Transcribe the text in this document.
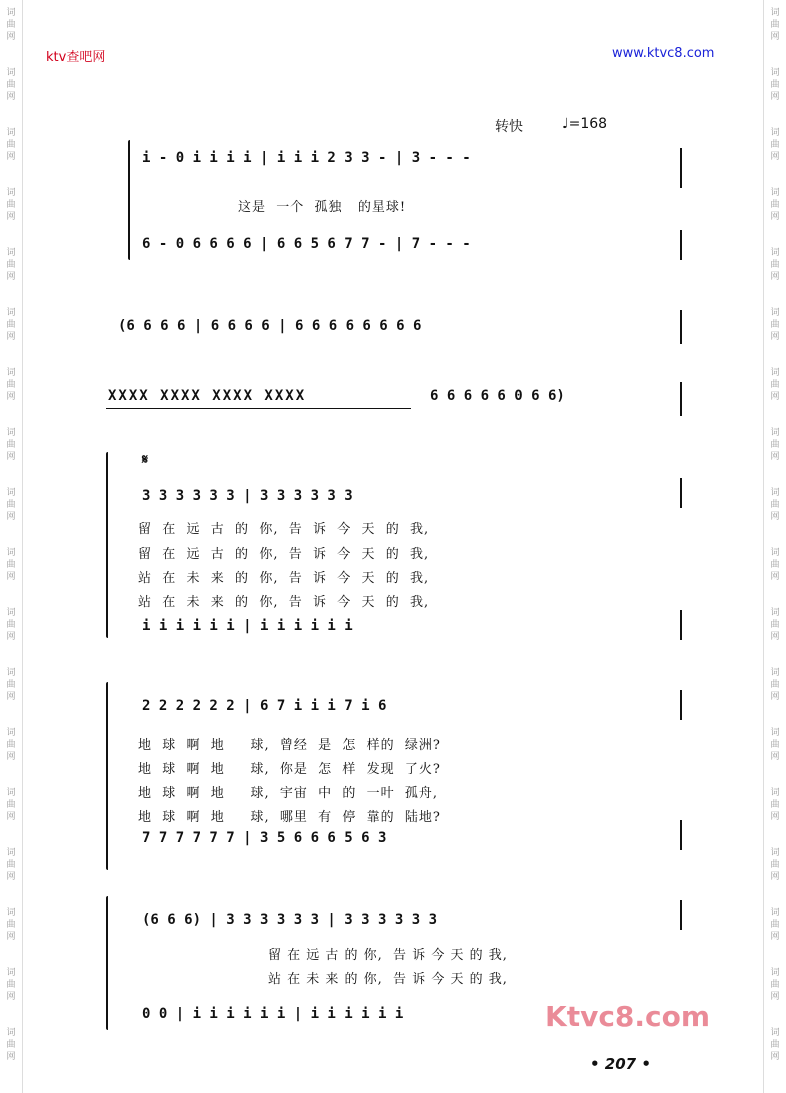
词
曲
网
词
曲
网
词
曲
网
词
曲
网
词
曲
网
词
曲
网
词
曲
网
词
曲
网
词
曲
网
词
曲
网
词
曲
网
词
曲
网
词
曲
网
词
曲
网
词
曲
网
词
曲
网
词
曲
网
词
曲
网
词
曲
网
词
曲
网
词
曲
网
词
曲
网
词
曲
网
词
曲
网
词
曲
网
词
曲
网
词
曲
网
词
曲
网
词
曲
网
词
曲
网
词
曲
网
词
曲
网
词
曲
网
词
曲
网
词
曲
网
词
曲
网
ktv查吧网	www.ktvc8.com
转快	♩=168
i - 0 i i i i | i i i 2 3 3 - | 3 - - -
这是  一个  孤独   的星球!
6 - 0 6 6 6 6 | 6 6 5 6 7 7 - | 7 - - -
(6 6 6 6 | 6 6 6 6 | 6 6 6 6 6 6 6 6
XXXX XXXX XXXX XXXX	6 6 6 6 6 0 6 6)
𝄋
3 3 3 3 3 3 | 3 3 3 3 3 3
留  在  远  古  的  你,  告  诉  今  天  的  我,
留  在  远  古  的  你,  告  诉  今  天  的  我,
站  在  未  来  的  你,  告  诉  今  天  的  我,
站  在  未  来  的  你,  告  诉  今  天  的  我,
i i i i i i | i i i i i i
2 2 2 2 2 2 | 6 7 i i i 7 i 6
地  球  啊  地     球,  曾经  是  怎  样的  绿洲?
地  球  啊  地     球,  你是  怎  样  发现  了火?
地  球  啊  地     球,  宇宙  中  的  一叶  孤舟,
地  球  啊  地     球,  哪里  有  停  靠的  陆地?
7 7 7 7 7 7 | 3 5 6 6 6 5 6 3
(6 6 6) | 3 3 3 3 3 3 | 3 3 3 3 3 3
留 在 远 古 的 你,  告 诉 今 天 的 我,
站 在 未 来 的 你,  告 诉 今 天 的 我,
0 0 | i i i i i i | i i i i i i	Ktvc8.com
• 207 •
